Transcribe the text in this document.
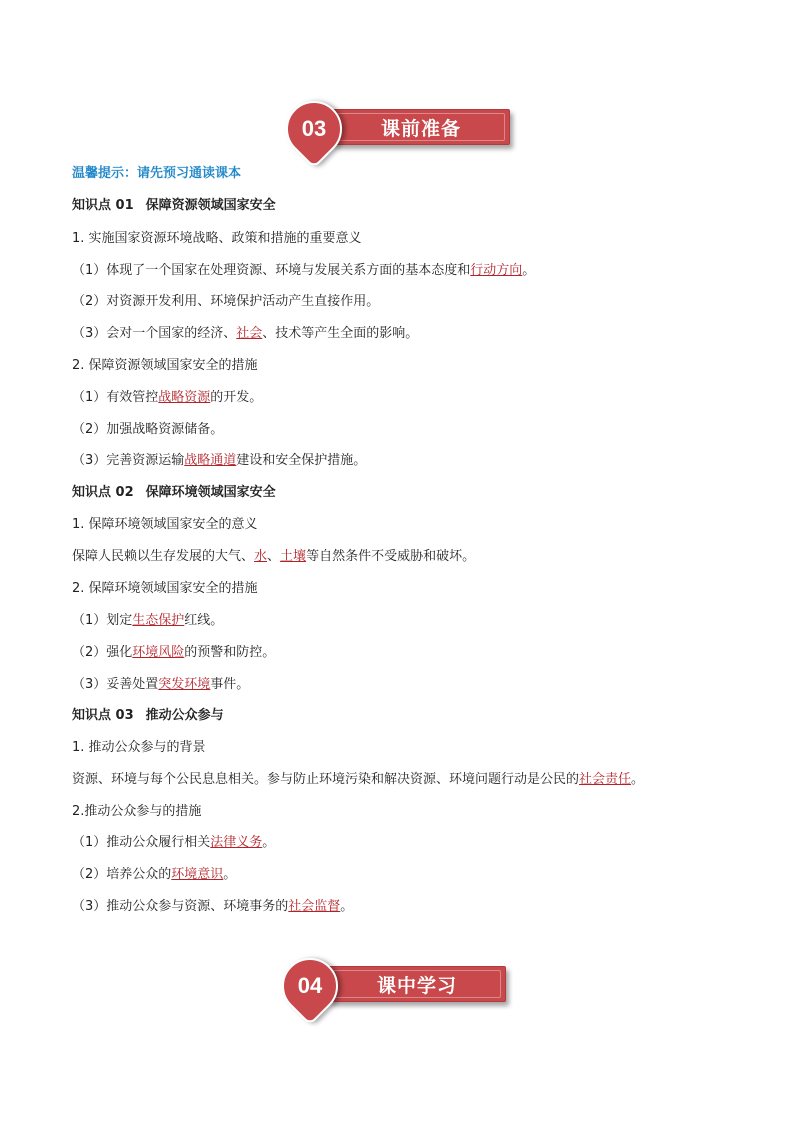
课前准备
03
温馨提示：请先预习通读课本
知识点 01 保障资源领域国家安全
1. 实施国家资源环境战略、政策和措施的重要意义
（1）体现了一个国家在处理资源、环境与发展关系方面的基本态度和行动方向。
（2）对资源开发利用、环境保护活动产生直接作用。
（3）会对一个国家的经济、社会、技术等产生全面的影响。
2. 保障资源领域国家安全的措施
（1）有效管控战略资源的开发。
（2）加强战略资源储备。
（3）完善资源运输战略通道建设和安全保护措施。
知识点 02 保障环境领域国家安全
1. 保障环境领域国家安全的意义
保障人民赖以生存发展的大气、水、土壤等自然条件不受威胁和破坏。
2. 保障环境领域国家安全的措施
（1）划定生态保护红线。
（2）强化环境风险的预警和防控。
（3）妥善处置突发环境事件。
知识点 03 推动公众参与
1. 推动公众参与的背景
资源、环境与每个公民息息相关。参与防止环境污染和解决资源、环境问题行动是公民的社会责任。
2.推动公众参与的措施
（1）推动公众履行相关法律义务。
（2）培养公众的环境意识。
（3）推动公众参与资源、环境事务的社会监督。
课中学习
04
